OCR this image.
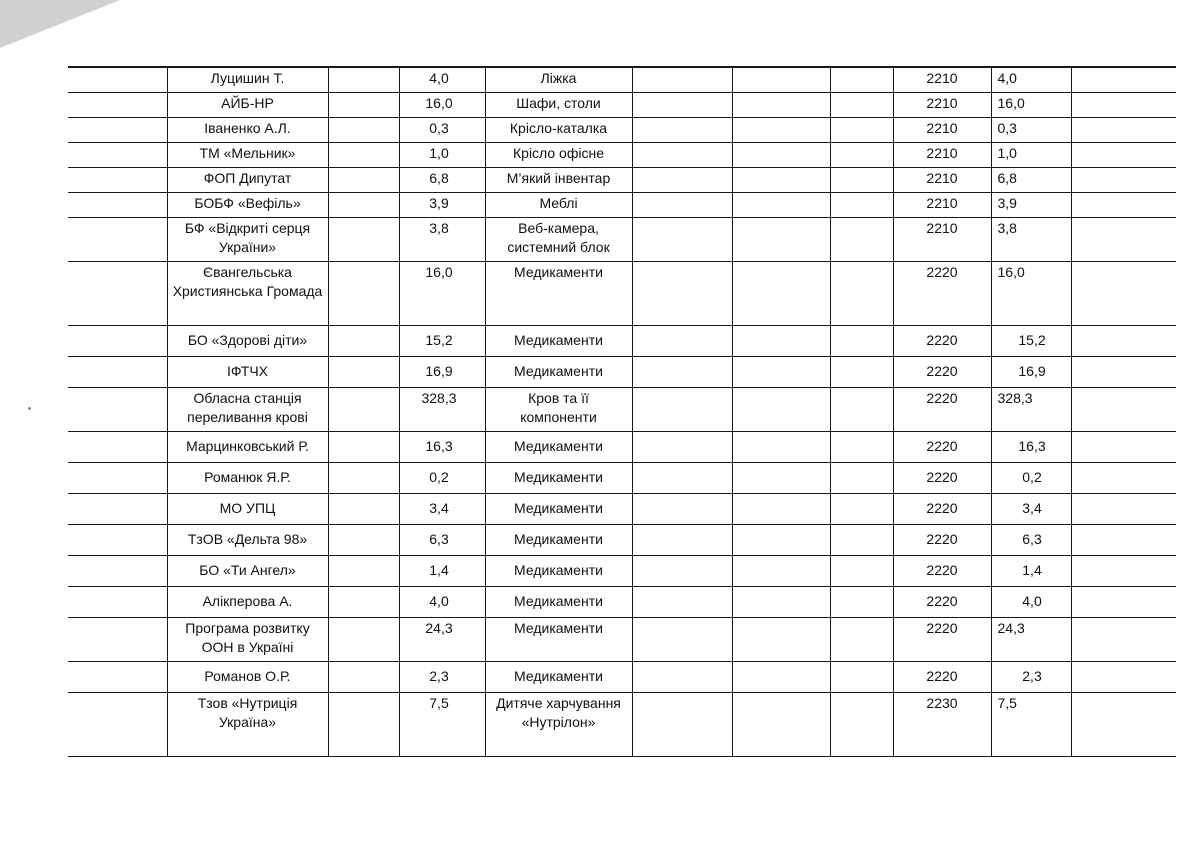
	Луцишин Т.		4,0	Ліжка				2210	4,0	
	АЙБ-НР		16,0	Шафи, столи				2210	16,0	
	Іваненко А.Л.		0,3	Крісло-каталка				2210	0,3	
	ТМ «Мельник»		1,0	Крісло офісне				2210	1,0	
	ФОП Дипутат		6,8	М’який інвентар				2210	6,8	
	БОБФ «Вефіль»		3,9	Меблі				2210	3,9	
	БФ «Відкриті серця України»		3,8	Веб-камера, системний блок				2210	3,8	
	Євангельська Християнська Громада		16,0	Медикаменти				2220	16,0	
	БО «Здорові діти»		15,2	Медикаменти				2220	15,2	
	ІФТЧХ		16,9	Медикаменти				2220	16,9	
	Обласна станція переливання крові		328,3	Кров та її компоненти				2220	328,3	
	Марцинковський Р.		16,3	Медикаменти				2220	16,3	
	Романюк Я.Р.		0,2	Медикаменти				2220	0,2	
	МО УПЦ		3,4	Медикаменти				2220	3,4	
	ТзОВ «Дельта 98»		6,3	Медикаменти				2220	6,3	
	БО «Ти Ангел»		1,4	Медикаменти				2220	1,4	
	Алікперова А.		4,0	Медикаменти				2220	4,0	
	Програма розвитку ООН в Україні		24,3	Медикаменти				2220	24,3	
	Романов О.Р.		2,3	Медикаменти				2220	2,3	
	Тзов «Нутриція Україна»		7,5	Дитяче харчування «Нутрілон»				2230	7,5	
